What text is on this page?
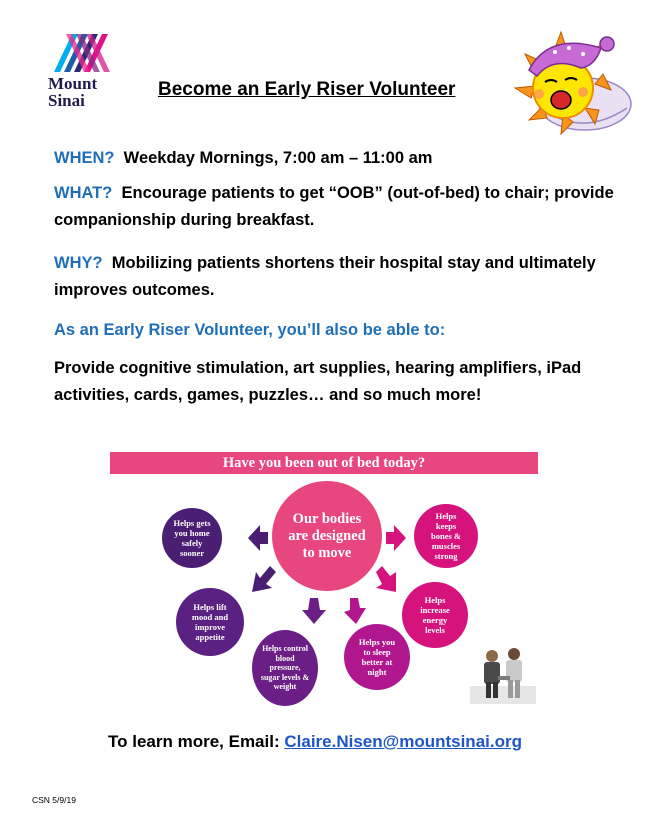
Mount
Sinai
Become an Early Riser Volunteer
WHEN? Weekday Mornings, 7:00 am – 11:00 am
WHAT? Encourage patients to get “OOB” (out-of-bed) to chair; provide companionship during breakfast.
WHY? Mobilizing patients shortens their hospital stay and ultimately improves outcomes.
As an Early Riser Volunteer, you’ll also be able to:
Provide cognitive stimulation, art supplies, hearing amplifiers, iPad activities, cards, games, puzzles… and so much more!
Have you been out of bed today?
Our bodies are designed to move
Helps gets you home safely sooner
Helps lift mood and improve appetite
Helps control blood pressure, sugar levels & weight
Helps you to sleep better at night
Helps increase energy levels
Helps keeps bones & muscles strong
To learn more, Email: Claire.Nisen@mountsinai.org
CSN 5/9/19
